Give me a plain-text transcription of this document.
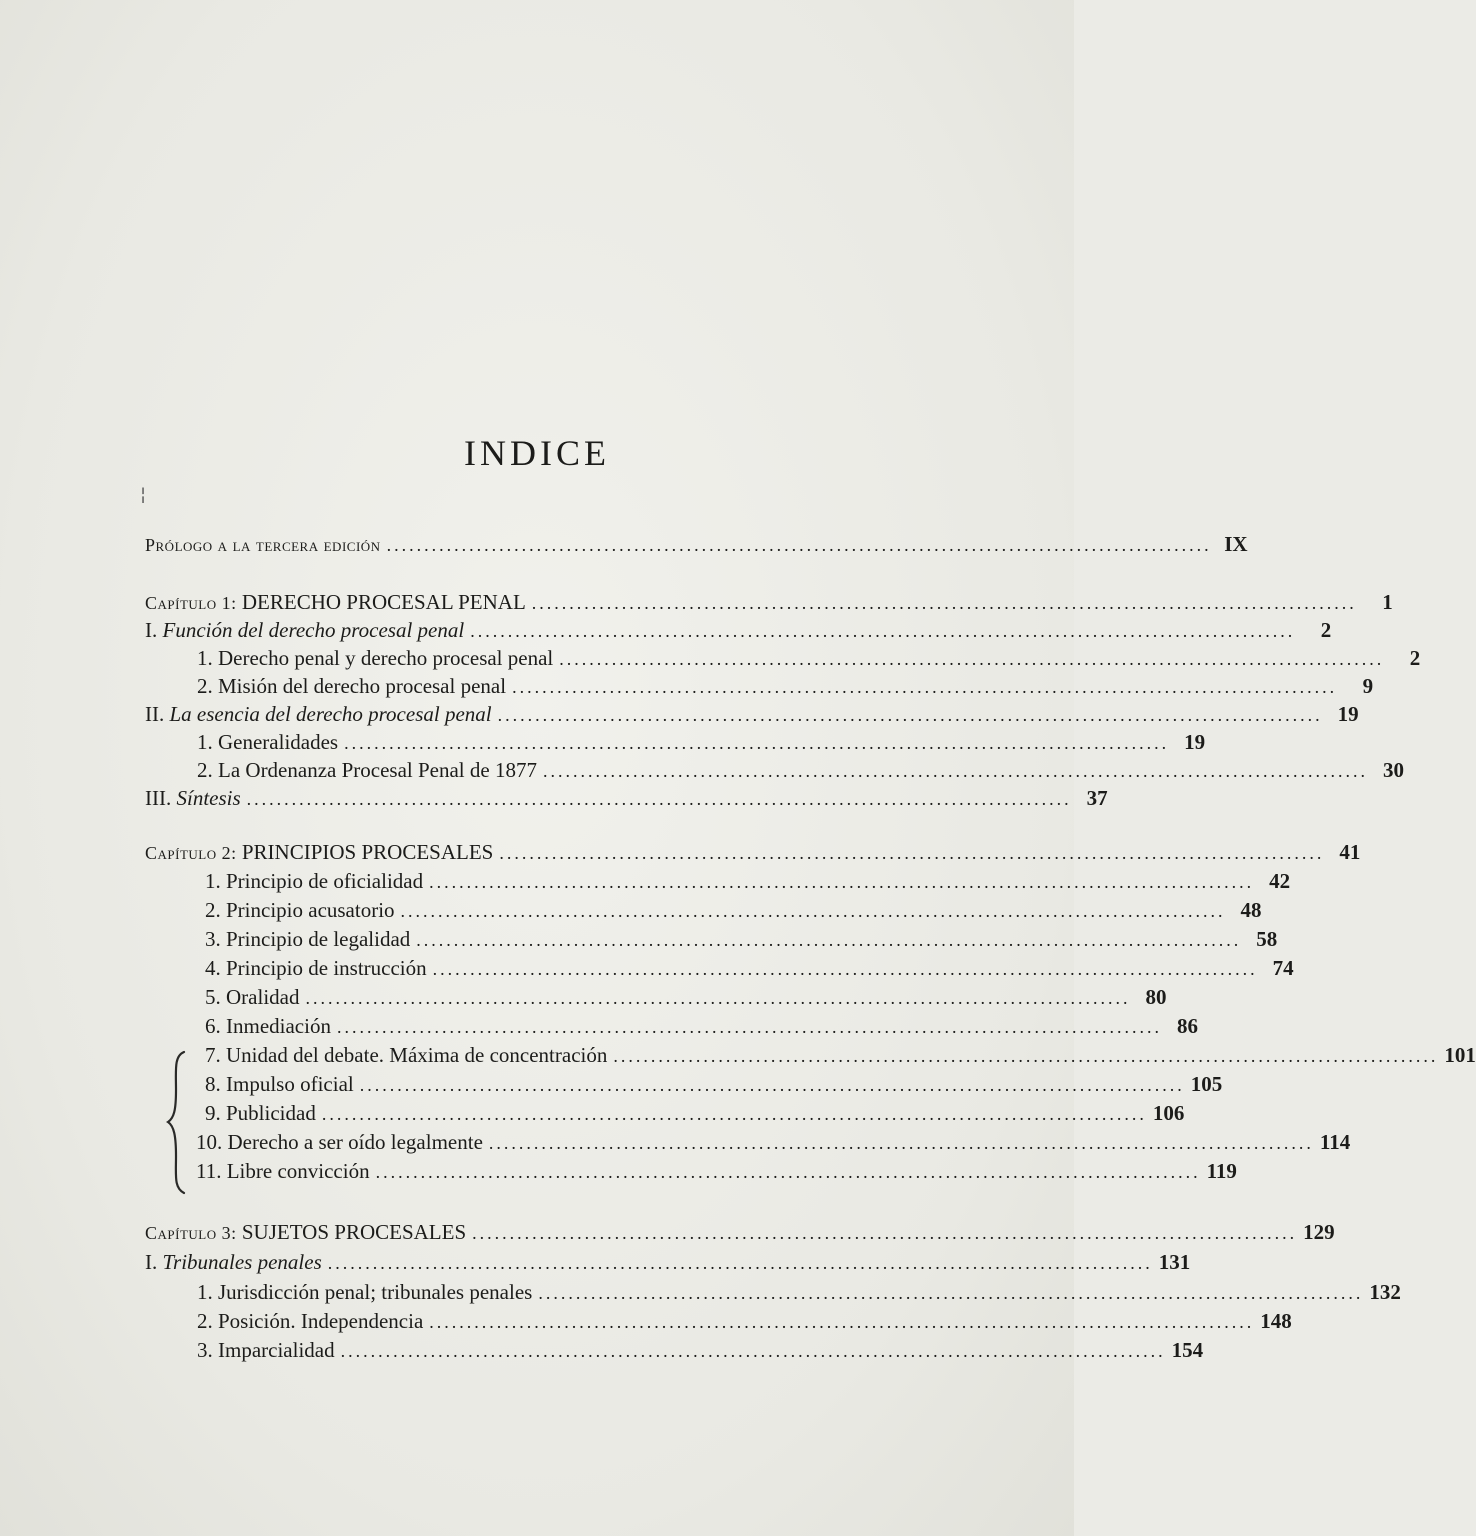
INDICE
¦
Prólogo a la tercera edición .............................................................................................................. IX
Capítulo 1: DERECHO PROCESAL PENAL ..............................................................................................................	1
I. Función del derecho procesal penal ..............................................................................................................	2
1. Derecho penal y derecho procesal penal ..............................................................................................................	2
2. Misión del derecho procesal penal ..............................................................................................................	9
II. La esencia del derecho procesal penal .............................................................................................................. 19
1. Generalidades .............................................................................................................. 19
2. La Ordenanza Procesal Penal de 1877 .............................................................................................................. 30
III. Síntesis .............................................................................................................. 37
Capítulo 2: PRINCIPIOS PROCESALES .............................................................................................................. 41
1. Principio de oficialidad .............................................................................................................. 42
2. Principio acusatorio .............................................................................................................. 48
3. Principio de legalidad .............................................................................................................. 58
4. Principio de instrucción .............................................................................................................. 74
5. Oralidad .............................................................................................................. 80
6. Inmediación .............................................................................................................. 86
7. Unidad del debate. Máxima de concentración .............................................................................................................. 101
8. Impulso oficial .............................................................................................................. 105
9. Publicidad .............................................................................................................. 106
10. Derecho a ser oído legalmente .............................................................................................................. 114
11. Libre convicción .............................................................................................................. 119
Capítulo 3: SUJETOS PROCESALES .............................................................................................................. 129
I. Tribunales penales .............................................................................................................. 131
1. Jurisdicción penal; tribunales penales .............................................................................................................. 132
2. Posición. Independencia .............................................................................................................. 148
3. Imparcialidad .............................................................................................................. 154
